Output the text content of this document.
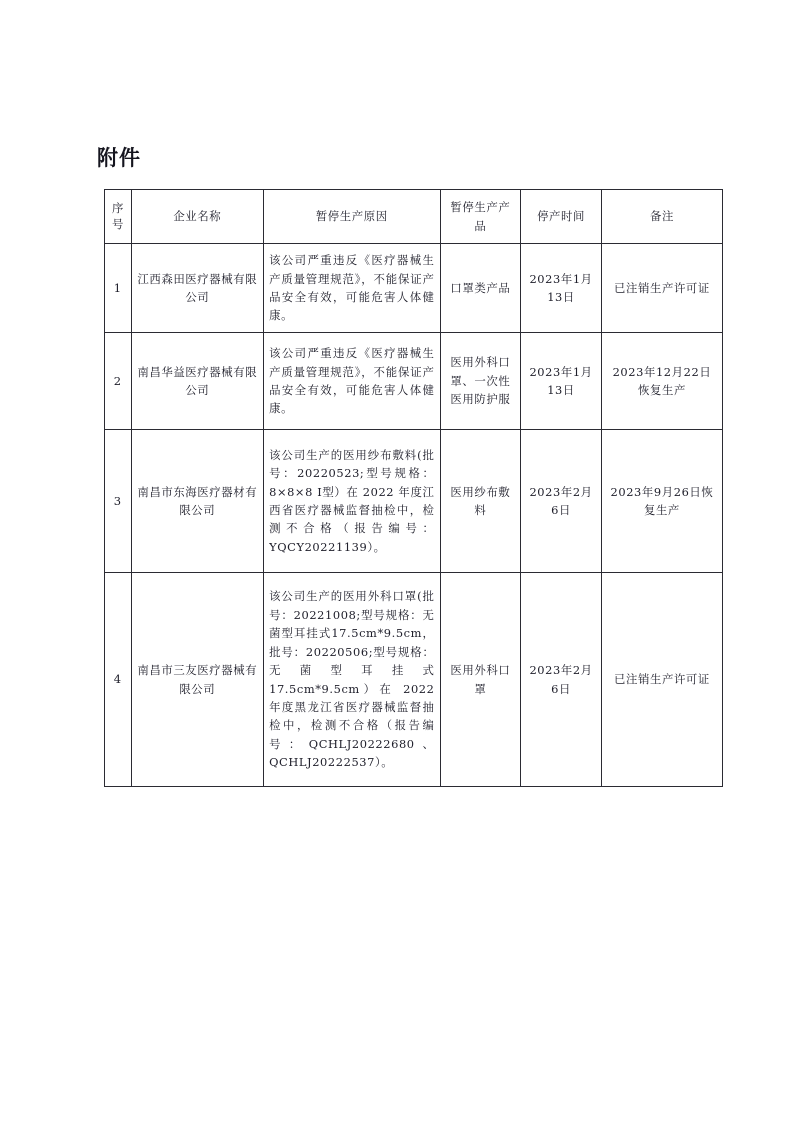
附件
序号	企业名称	暂停生产原因	暂停生产产品	停产时间	备注
1	江西森田医疗器械有限公司	该公司严重违反《医疗器械生产质量管理规范》，不能保证产品安全有效，可能危害人体健康。	口罩类产品	2023年1月13日	已注销生产许可证
2	南昌华益医疗器械有限公司	该公司严重违反《医疗器械生产质量管理规范》，不能保证产品安全有效，可能危害人体健康。	医用外科口罩、一次性医用防护服	2023年1月13日	2023年12月22日恢复生产
3	南昌市东海医疗器材有限公司	该公司生产的医用纱布敷料(批号：20220523;型号规格：8×8×8 Ⅰ型）在 2022 年度江西省医疗器械监督抽检中，检测不合格（报告编号：YQCY20221139）。	医用纱布敷料	2023年2月6日	2023年9月26日恢复生产
4	南昌市三友医疗器械有限公司	该公司生产的医用外科口罩(批号：20221008;型号规格：无菌型耳挂式17.5cm*9.5cm，批号：20220506;型号规格：无菌型耳挂式17.5cm*9.5cm）在 2022 年度黑龙江省医疗器械监督抽检中，检测不合格（报告编号：QCHLJ20222680、QCHLJ20222537）。	医用外科口罩	2023年2月6日	已注销生产许可证
